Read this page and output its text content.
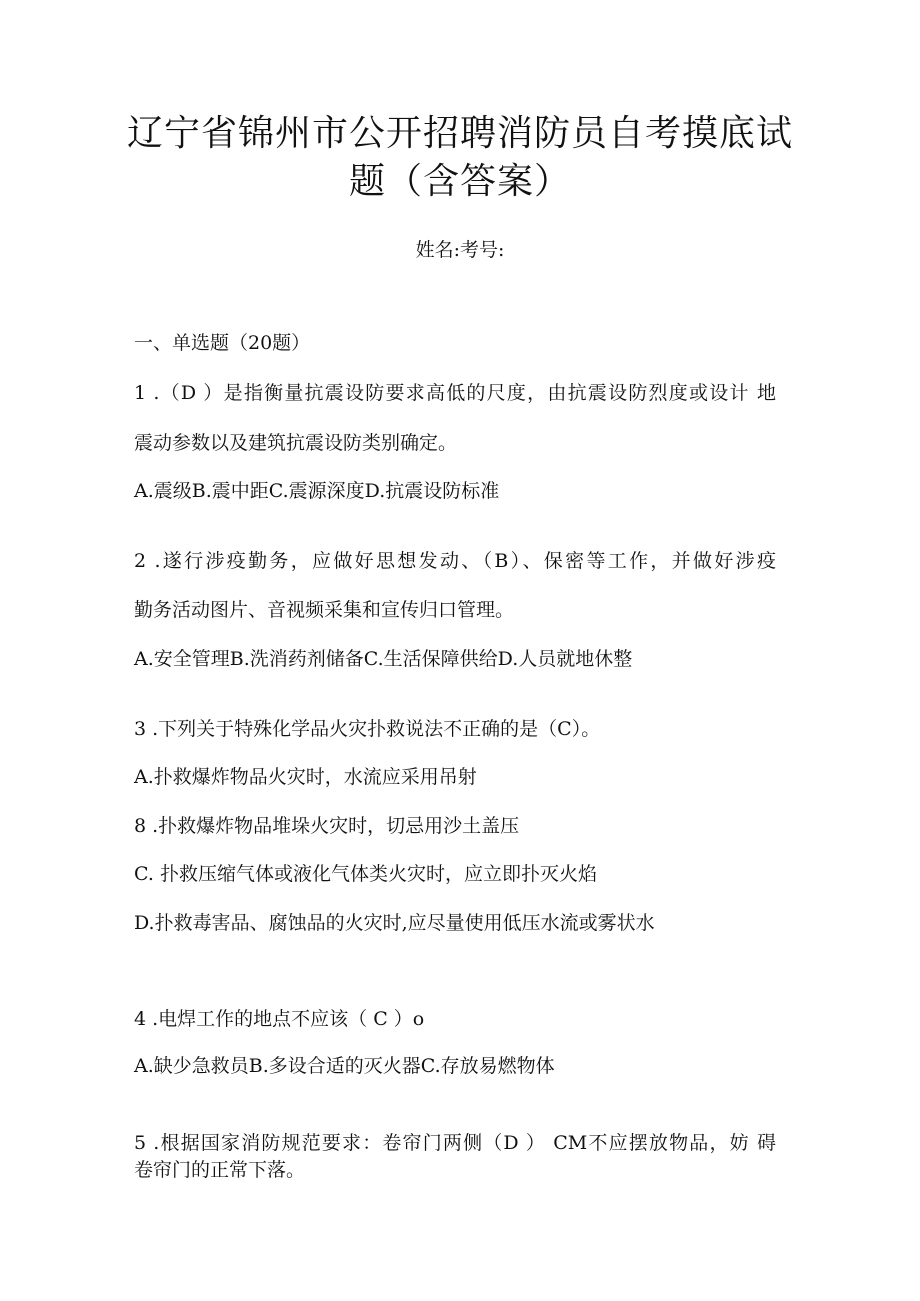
辽宁省锦州市公开招聘消防员自考摸底试
题（含答案）

姓名:考号:

一、单选题（20题）

1 .（D ）是指衡量抗震设防要求高低的尺度，由抗震设防烈度或设计 地

震动参数以及建筑抗震设防类别确定。

A.震级B.震中距C.震源深度D.抗震设防标准

2 .遂行涉疫勤务，应做好思想发动、（B）、保密等工作，并做好涉疫

勤务活动图片、音视频采集和宣传归口管理。

A.安全管理B.洗消药剂储备C.生活保障供给D.人员就地休整

3 .下列关于特殊化学品火灾扑救说法不正确的是（C）。

A.扑救爆炸物品火灾时，水流应采用吊射

8 .扑救爆炸物品堆垛火灾时，切忌用沙土盖压

C. 扑救压缩气体或液化气体类火灾时，应立即扑灭火焰

D.扑救毒害品、腐蚀品的火灾时,应尽量使用低压水流或雾状水

4 .电焊工作的地点不应该（ C ）o

A.缺少急救员B.多设合适的灭火器C.存放易燃物体

5 .根据国家消防规范要求：卷帘门两侧（D ） CM不应摆放物品，妨 碍

卷帘门的正常下落。
